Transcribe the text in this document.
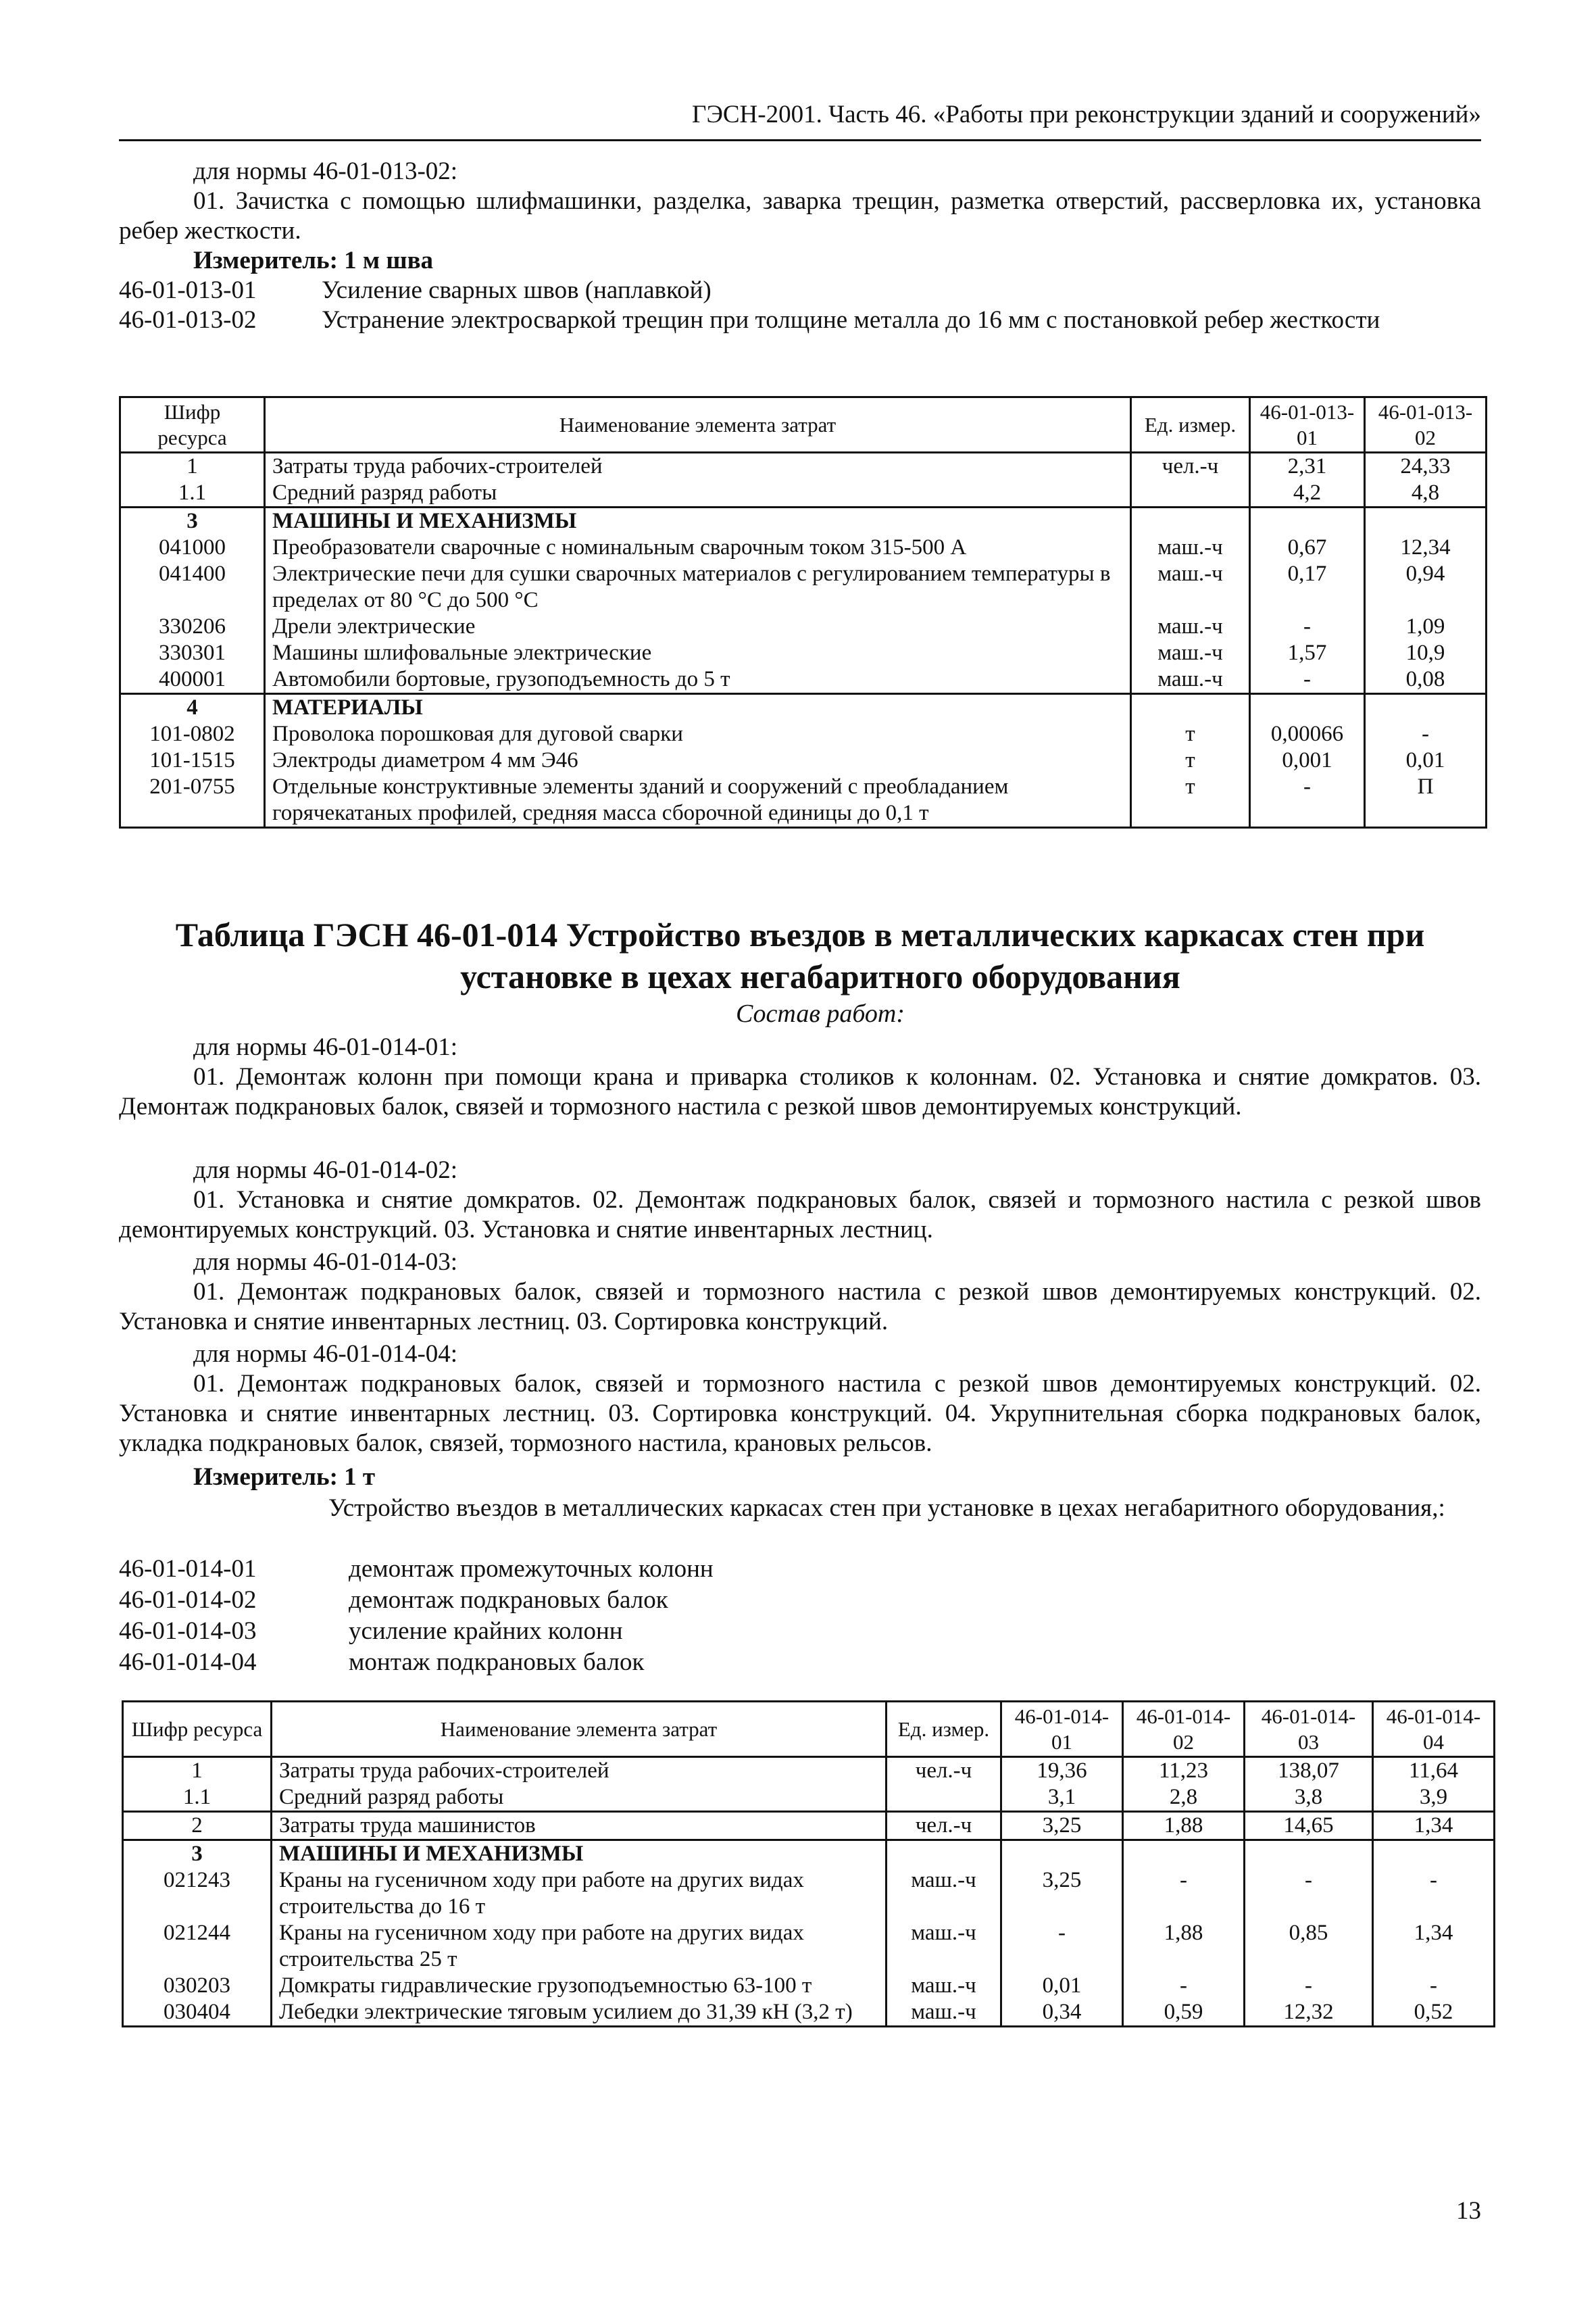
ГЭСН-2001. Часть 46. «Работы при реконструкции зданий и сооружений»
для нормы 46-01-013-02:
01. Зачистка с помощью шлифмашинки, разделка, заварка трещин, разметка отверстий, рассверловка их, установка ребер жесткости.
Измеритель: 1 м шва
46-01-013-01	Усиление сварных швов (наплавкой)
46-01-013-02	Устранение электросваркой трещин при толщине металла до 16 мм с постановкой ребер жесткости
Шифр ресурса	Наименование элемента затрат	Ед. измер.	46-01-013-01	46-01-013-02
1	Затраты труда рабочих-строителей	чел.-ч	2,31	24,33
1.1	Средний разряд работы		4,2	4,8
3	МАШИНЫ И МЕХАНИЗМЫ			
041000	Преобразователи сварочные с номинальным сварочным током 315-500 А	маш.-ч	0,67	12,34
041400	Электрические печи для сушки сварочных материалов с регулированием температуры в пределах от 80 °С до 500 °С	маш.-ч	0,17	0,94
330206	Дрели электрические	маш.-ч	-	1,09
330301	Машины шлифовальные электрические	маш.-ч	1,57	10,9
400001	Автомобили бортовые, грузоподъемность до 5 т	маш.-ч	-	0,08
4	МАТЕРИАЛЫ			
101-0802	Проволока порошковая для дуговой сварки	т	0,00066	-
101-1515	Электроды диаметром 4 мм Э46	т	0,001	0,01
201-0755	Отдельные конструктивные элементы зданий и сооружений с преобладанием горячекатаных профилей, средняя масса сборочной единицы до 0,1 т	т	-	П
Таблица ГЭСН 46-01-014 Устройство въездов в металлических каркасах стен при
установке в цехах негабаритного оборудования
Состав работ:
для нормы 46-01-014-01:
01. Демонтаж колонн при помощи крана и приварка столиков к колоннам. 02. Установка и снятие домкратов. 03. Демонтаж подкрановых балок, связей и тормозного настила с резкой швов демонтируемых конструкций.
для нормы 46-01-014-02:
01. Установка и снятие домкратов. 02. Демонтаж подкрановых балок, связей и тормозного настила с резкой швов демонтируемых конструкций. 03. Установка и снятие инвентарных лестниц.
для нормы 46-01-014-03:
01. Демонтаж подкрановых балок, связей и тормозного настила с резкой швов демонтируемых конструкций. 02. Установка и снятие инвентарных лестниц. 03. Сортировка конструкций.
для нормы 46-01-014-04:
01. Демонтаж подкрановых балок, связей и тормозного настила с резкой швов демонтируемых конструкций. 02. Установка и снятие инвентарных лестниц. 03. Сортировка конструкций. 04. Укрупнительная сборка подкрановых балок, укладка подкрановых балок, связей, тормозного настила, крановых рельсов.
Измеритель: 1 т
Устройство въездов в металлических каркасах стен при установке в цехах негабаритного оборудования,:
46-01-014-01	демонтаж промежуточных колонн
46-01-014-02	демонтаж подкрановых балок
46-01-014-03	усиление крайних колонн
46-01-014-04	монтаж подкрановых балок
Шифр ресурса	Наименование элемента затрат	Ед. измер.	46-01-014-01	46-01-014-02	46-01-014-03	46-01-014-04
1	Затраты труда рабочих-строителей	чел.-ч	19,36	11,23	138,07	11,64
1.1	Средний разряд работы		3,1	2,8	3,8	3,9
2	Затраты труда машинистов	чел.-ч	3,25	1,88	14,65	1,34
3	МАШИНЫ И МЕХАНИЗМЫ					
021243	Краны на гусеничном ходу при работе на других видах строительства до 16 т	маш.-ч	3,25	-	-	-
021244	Краны на гусеничном ходу при работе на других видах строительства 25 т	маш.-ч	-	1,88	0,85	1,34
030203	Домкраты гидравлические грузоподъемностью 63-100 т	маш.-ч	0,01	-	-	-
030404	Лебедки электрические тяговым усилием до 31,39 кН (3,2 т)	маш.-ч	0,34	0,59	12,32	0,52
13
